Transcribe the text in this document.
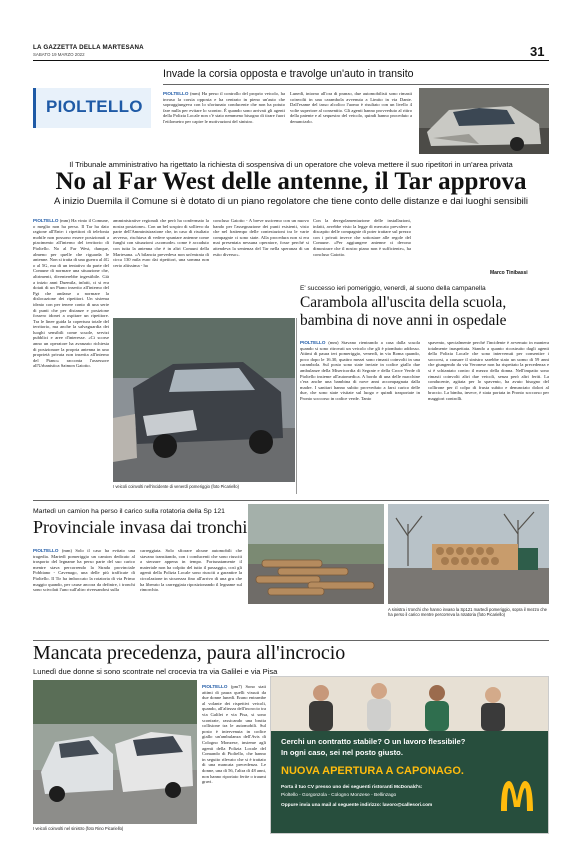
LA GAZZETTA DELLA MARTESANA
SABATO 19 MARZO 2022	31
PIOLTELLO
Invade la corsia opposta e travolge un'auto in transito
PIOLTELLO (mm) Ha perso il controllo del proprio veicolo, ha invaso la corsia opposta e ha centrato in pieno un'auto che sopraggiungeva con lo sfortunato conducente che non ha potuto fare nulla per evitare lo scontro. È quando sono arrivati gli agenti della Polizia Locale non c'è stato nemmeno bisogno di tirare fuori l'etilometro per capire le motivazioni del sinistro.
Lunedì, intorno all'ora di pranzo, due automobilisti sono rimasti coinvolti in una carambola avvenuta a Limito in via Dante. Dall'esame del tasso alcolico l'uomo è risultato con un livello 4 volte superiore al consentito. Gli agenti hanno provveduto al ritiro della patente e al sequestro del veicolo, quindi hanno proceduto a denunciarlo.
Il Tribunale amministrativo ha rigettato la richiesta di sospensiva di un operatore che voleva mettere il suo ripetitori in un'area privata
No al Far West delle antenne, il Tar approva
A inizio Duemila il Comune si è dotato di un piano regolatore che tiene conto delle distanze e dai luoghi sensibili
PIOLTELLO (mm) Ha vinto il Comune, o meglio non ha perso. Il Tar ha dato ragione all'Ente: i ripetitori di telefonia mobile non possono essere posizionati a piacimento all'interno del territorio di Pioltello. No al Far West, dunque, almeno per quelle che riguarda le antenne. Non si tratta di una guerra al 4G o al 5G, ma di un tentativo da parte del Comune di normare una situazione che, altrimenti, diventerebbe ingestibile. Già a inizio anni Duemila, infatti, ci si era dotati di un Piano inserito all'interno del Pgt che andasse a normare la dislocazione dei ripetitori. Un sistema ideato con per tenere conto di una serie di punti che per distanze e posizione fossero idonei a ospitare un ripetitore. Tra le linee guida la copertura totale del territorio, ma anche la salvaguardia dei luoghi sensibili come scuole, servizi pubblici e aree d'interesse. «Ci scorse anno un operatore ha avanzato richiesta di posizionare la propria antenna in uno proprietà privata non inserita all'interno del Piano» racconta l'assessore all'Urbanistica Saimon Gaiotto.
amministrative regionali che però ha confermato la nostra posizione». Con un bel sospiro di sollievo da parte dell'Amministrazione che, in caso di risultato avverso, rischiava di vedere spuntare antenne come funghi con situazioni «scomode» come è accaduto con tutta la antenna che è in altri Comuni della Martesana. «A bilancia prevedeva non un'entrata di circa 130 mila euro dai ripetitori, una somma non certo altissima - ha
concluso Gaiotto - A breve usciremo con un nuovo bando per l'assegnazione dei punti esistenti, visto che nel frattempo delle contestazioni tra le varie compagnie ci sono state. Alla procedura non si era mai presentata nessuna operatore, fosse perché si attendeva la sentenza del Tar nella speranza di un esito diverso».
Con la deregolamentazione delle installazioni, infatti, avrebbe visto la legge di mercato prevalere a discapito delle compagnie di poter trattare sul prezzo con i privati invece che sottostare alle regole del Comune. «Per aggiungere antenne ci devono dimostrare che il nostro piano non è sufficiente», ha concluso Gaiotto.
Marco Tinibassi
I veicoli coinvolti nell'incidente di venerdì pomeriggio (foto Picariello)
E' successo ieri pomeriggio, venerdì, al suono della campanella
Carambola all'uscita della scuola, bambina di nove anni in ospedale
PIOLTELLO (mm) Stavano rientrando a casa dalla scuola quando si sono ritrovati un veicolo che gli è piombato addosso. Attimi di paura ieri pomeriggio, venerdì, in via Roma quando, poco dopo le 16.30, quattro mezzi sono rimasti coinvolti in una carambola. Sul posto sono state inviate in codice giallo due ambulanze della Misericordia di Segrate e della Croce Verde di Pioltello insieme all'automedica. A bordo di una delle macchine c'era anche una bambina di nove anni accompagnata dalla madre. I sanitari hanno subito provveduto a farsi carico delle due, che sono state visitate sul luogo e quindi trasportate in Pronto soccorso in codice verde. Tanto
spavento, specialmente perché l'incidente è avvenuto in maniera totalmente inaspettata. Stando a quanto ricostruito dagli agenti della Polizia Locale che sono intervenuti per consentire i soccorsi, a causare il sinistro sarebbe stato un uomo di 59 anni che giungendo da via Veronese non ha rispettato la precedenza e si è schiantato contro il mezzo della donna. Nell'impatto sono rimasti coinvolti altri due veicoli, senza però altri feriti. La conducente, agitata per lo spavento, ha avuto bisogno del collirone per il colpo di frusta subito e denunciato dolori al braccio. La bimba, invece, è stata portata in Pronto soccorso per maggiori controlli.
Martedì un camion ha perso il carico sulla rotatoria della Sp 121
Provinciale invasa dai tronchi
PIOLTELLO (mm) Solo il caso ha evitato una tragedia. Martedì pomeriggio un camion dedicato al trasporto del legname ha perso parte del suo carico mentre stava percorrendo la Strada provinciale Pobbiano - Cavenago, una delle più trafficate di Pioltello. Il Tir ha imboccato la rotatoria di via Primo maggio quando, per cause ancora da definire, i tronchi sono scivolati l'uno sull'altro riversandosi sulla
carreggiata. Solo sfiorare alcune automobili che stavano transitando, con i conducenti che sono riusciti a sterzare appena in tempo. Fortunatamente il materiale non ha colpito del tutto il passaggio, così gli agenti della Polizia Locale sono riusciti a garantire la circolazione in sicurezza fino all'arrivo di una gru che ha liberato la carreggiata riposizionando il legname sul rimorchio.
A sinistra i tronchi che hanno invaso la Sp121 martedì pomeriggio, sopra il mezzo che ha perso il carico mentre percorreva la rotatoria (foto Picariello)
Mancata precedenza, paura all'incrocio
Lunedì due donne si sono scontrate nel crocevia tra via Galilei e via Pisa
I veicoli coinvolti nel sinistro (foto Rino Picariello)
PIOLTELLO (pm7) Sono stati attimi di paura quelli vissuti da due donne lunedì. Erano entrambe al volante dei rispettivi veicoli, quando, all'altezza dell'incrocio tra via Galilei e via Pisa, si sono scontrate, rassicando una brutta collisione tra le automobili. Sul posto è intervenuta in codice giallo un'ambulanza dell'Avis di Cologno Monzese, insieme agli agenti della Polizia Locale del Comando di Pioltello, che hanno in seguito rilevato che si è trattato di una mancata precedenza. Le donne, una di 56, l'altra di 48 anni, non hanno riportato ferite o traumi gravi.
Cerchi un contratto stabile? O un lavoro flessibile?
In ogni caso, sei nel posto giusto.
NUOVA APERTURA A CAPONAGO.
Porta il tuo CV presso uno dei seguenti ristoranti McDonald's:
Pioltello - Gorgonzola - Cologno Monzese - Bellinzago
Oppure invia una mail al seguente indirizzo: lavoro@callesori.com
